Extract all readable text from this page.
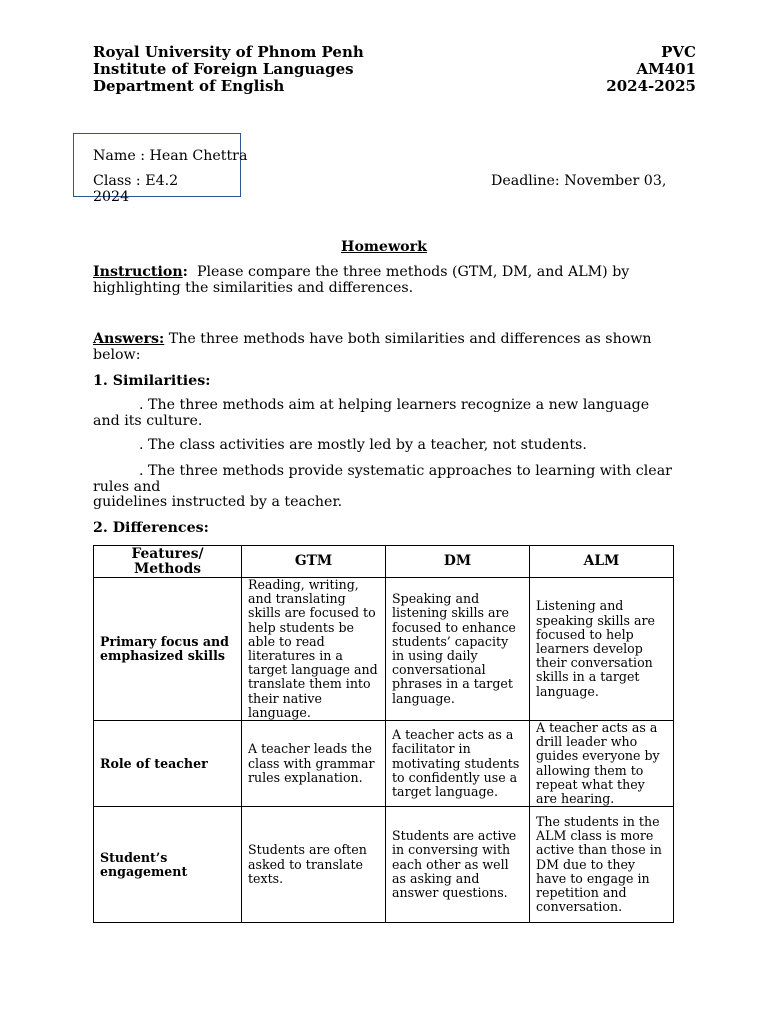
Royal University of Phnom Penh
Institute of Foreign Languages
Department of English
PVC
AM401
2024-2025
Name : Hean Chettra
Class : E4.2	Deadline: November 03,
2024
Homework
Instruction: Please compare the three methods (GTM, DM, and ALM) by
highlighting the similarities and differences.
Answers: The three methods have both similarities and differences as shown
below:
1. Similarities:
. The three methods aim at helping learners recognize a new language
and its culture.
. The class activities are mostly led by a teacher, not students.
. The three methods provide systematic approaches to learning with clear
rules and
guidelines instructed by a teacher.
2. Differences:
Features/ Methods	GTM	DM	ALM
Primary focus and emphasized skills	Reading, writing, and translating skills are focused to help students be able to read literatures in a target language and translate them into their native language.	Speaking and listening skills are focused to enhance students’ capacity in using daily conversational phrases in a target language.	Listening and speaking skills are focused to help learners develop their conversation skills in a target language.
Role of teacher	A teacher leads the class with grammar rules explanation.	A teacher acts as a facilitator in motivating students to confidently use a target language.	A teacher acts as a drill leader who guides everyone by allowing them to repeat what they are hearing.
Student’s engagement	Students are often asked to translate texts.	Students are active in conversing with each other as well as asking and answer questions.	The students in the ALM class is more active than those in DM due to they have to engage in repetition and conversation.
